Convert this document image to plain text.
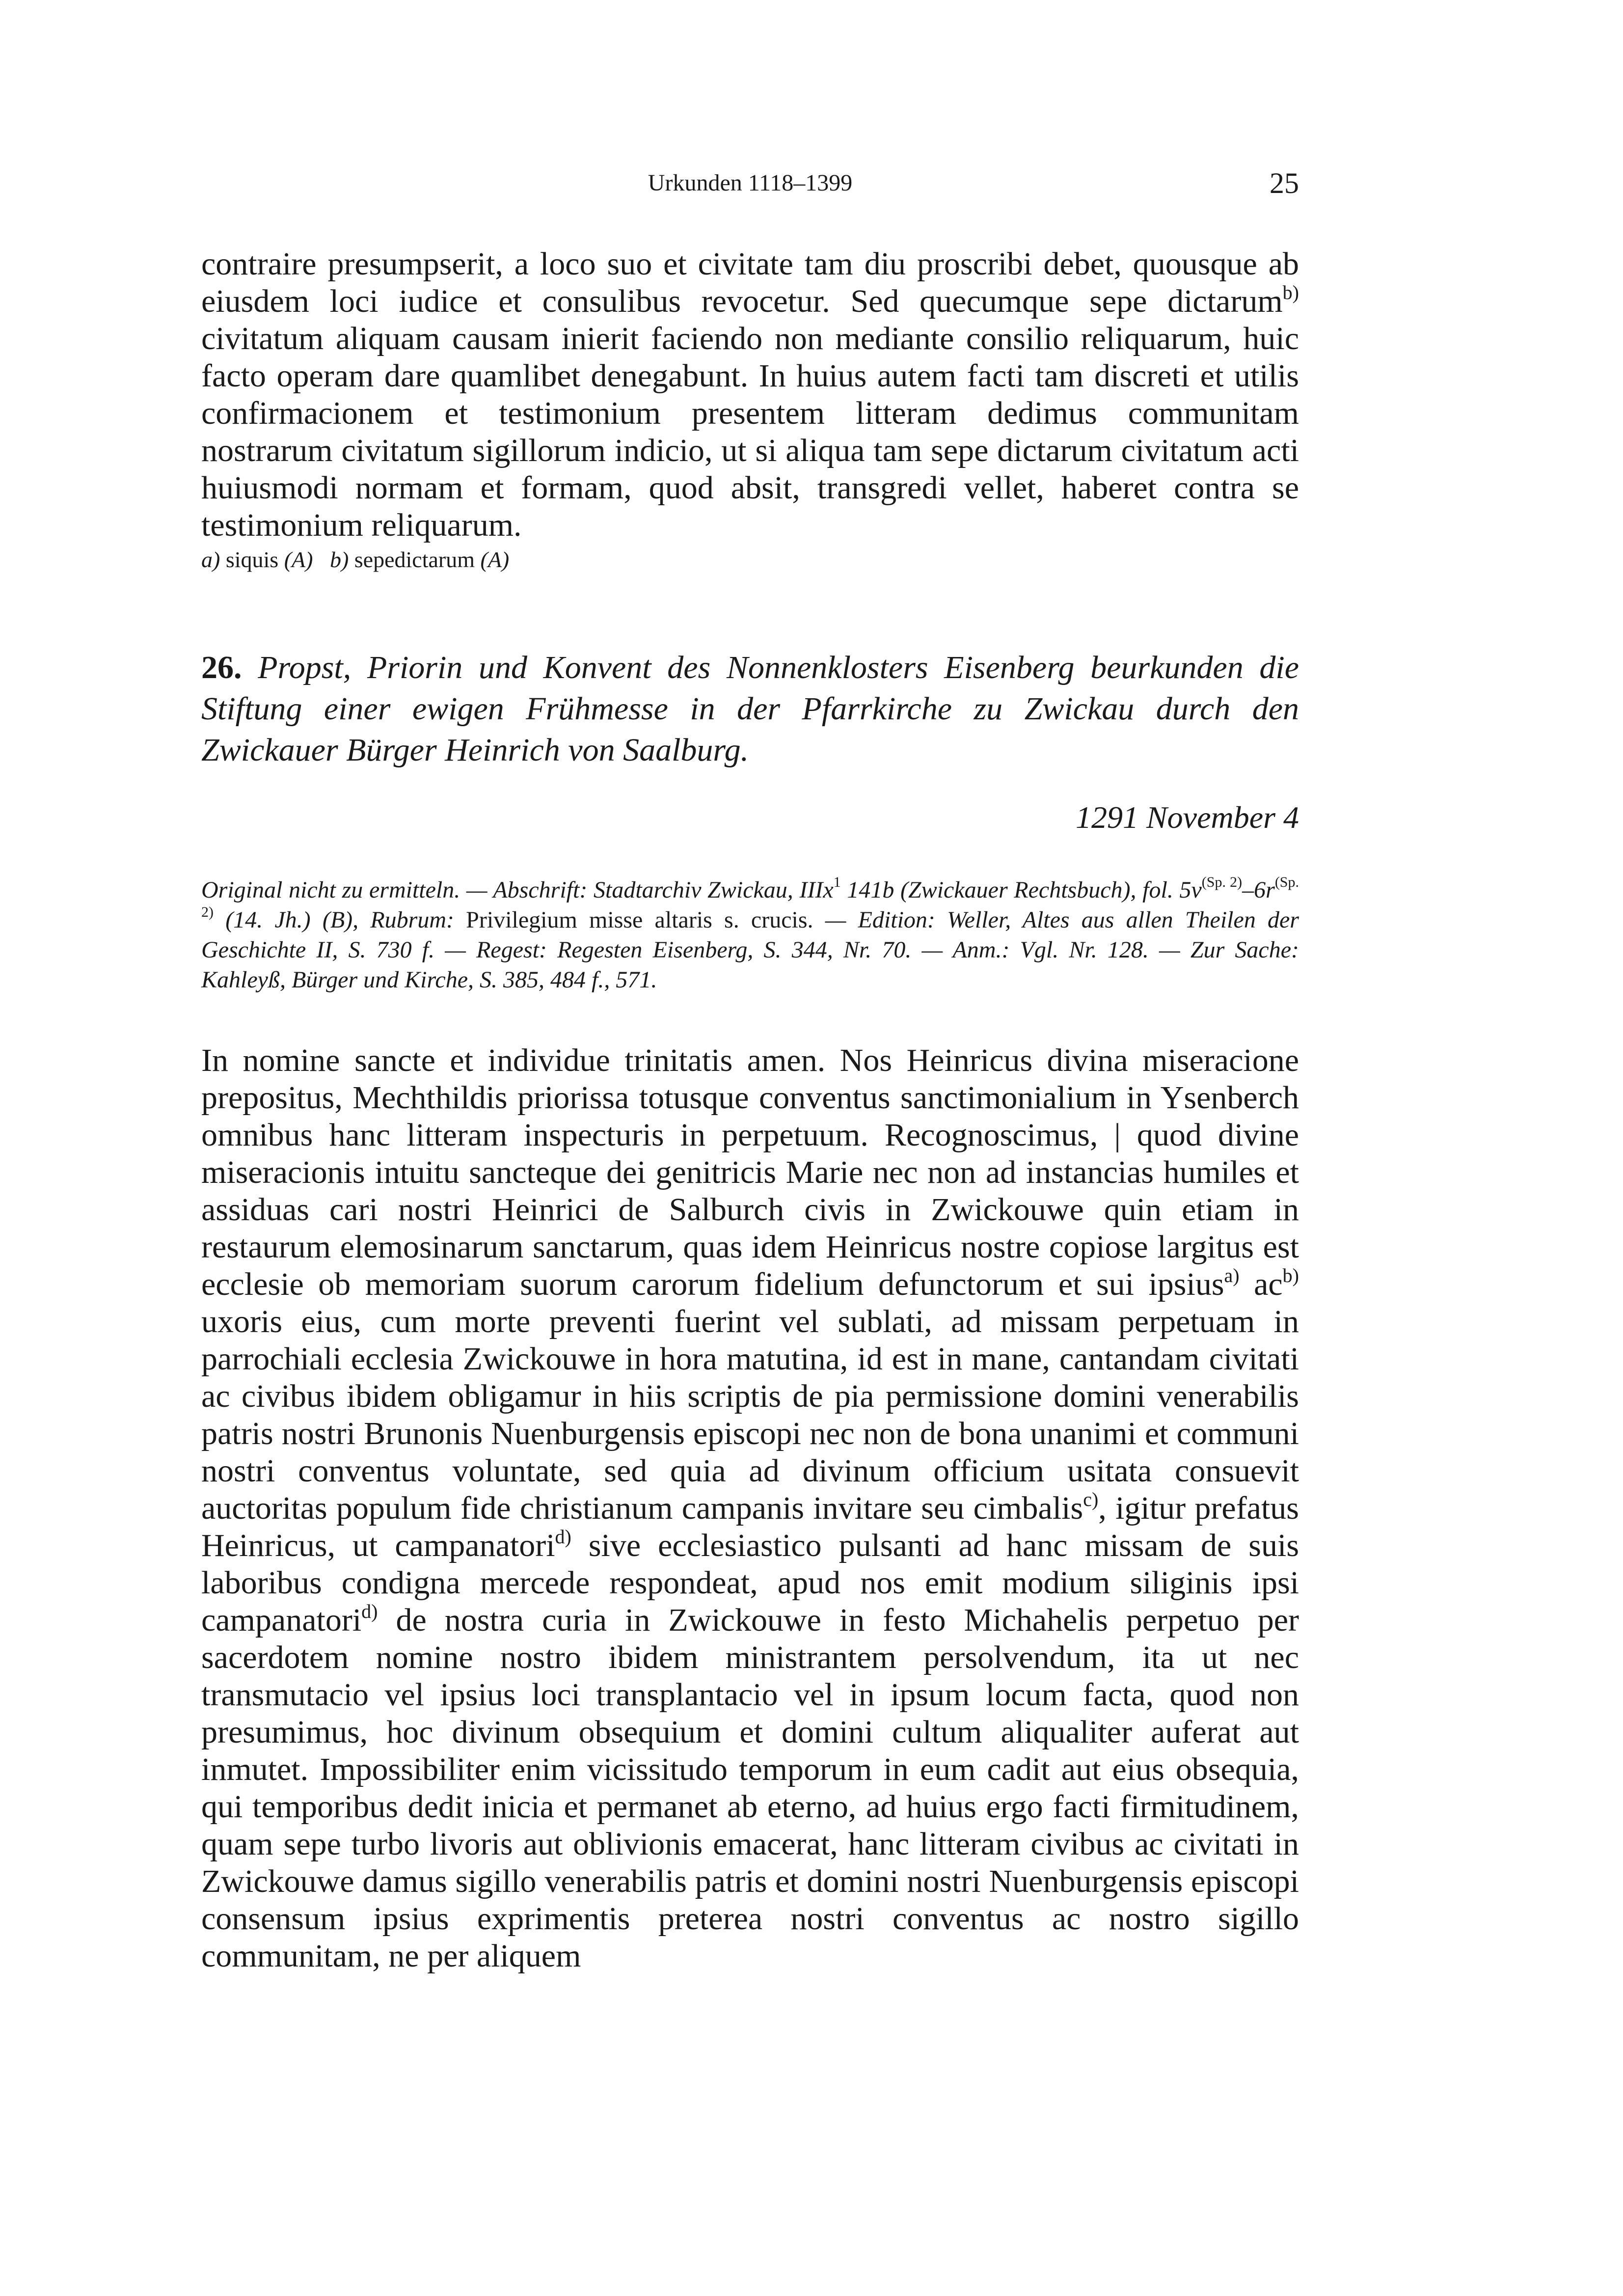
Urkunden 1118–1399	25

contraire presumpserit, a loco suo et civitate tam diu proscribi debet, quousque ab eiusdem loci iudice et consulibus revocetur. Sed quecumque sepe dictarum$^{b)}$ civitatum aliquam causam inierit faciendo non mediante consilio reliquarum, huic facto operam dare quamlibet denegabunt. In huius autem facti tam discreti et utilis confirmacionem et testimonium presentem litteram dedimus communitam nostrarum civitatum sigillorum indicio, ut si aliqua tam sepe dictarum civitatum acti huiusmodi normam et formam, quod absit, transgredi vellet, haberet contra se testimonium reliquarum.

a) siquis (A) b) sepedictarum (A)

26. Propst, Priorin und Konvent des Nonnenklosters Eisenberg beurkunden die Stiftung einer ewigen Frühmesse in der Pfarrkirche zu Zwickau durch den Zwickauer Bürger Heinrich von Saalburg.

1291 November 4

Original nicht zu ermitteln. — Abschrift: Stadtarchiv Zwickau, IIIx$^1$ 141b (Zwickauer Rechtsbuch), fol. $5v^{(Sp. 2)}-6r^{(Sp. 2)}$ (14. Jh.) (B), Rubrum: Privilegium misse altaris s. crucis. — Edition: Weller, Altes aus allen Theilen der Geschichte II, S. 730 f. — Regest: Regesten Eisenberg, S. 344, Nr. 70. — Anm.: Vgl. Nr. 128. — Zur Sache: Kahleyß, Bürger und Kirche, S. 385, 484 f., 571.

In nomine sancte et individue trinitatis amen. Nos Heinricus divina miseracione prepositus, Mechthildis priorissa totusque conventus sanctimonialium in Ysenberch omnibus hanc litteram inspecturis in perpetuum. Recognoscimus, | quod divine miseracionis intuitu sancteque dei genitricis Marie nec non ad instancias humiles et assiduas cari nostri Heinrici de Salburch civis in Zwickouwe quin etiam in restaurum elemosinarum sanctarum, quas idem Heinricus nostre copiose largitus est ecclesie ob memoriam suorum carorum fidelium defunctorum et sui ipsius$^{a)}$ $ac^{b)}$ uxoris eius, cum morte preventi fuerint vel sublati, ad missam perpetuam in parrochiali ecclesia Zwickouwe in hora matutina, id est in mane, cantandam civitati ac civibus ibidem obligamur in hiis scriptis de pia permissione domini venerabilis patris nostri Brunonis Nuenburgensis episcopi nec non de bona unanimi et communi nostri conventus voluntate, sed quia ad divinum officium usitata consuevit auctoritas populum fide christianum campanis invitare seu cimbalis$^{c)}$, igitur prefatus Heinricus, ut campanatori$^{d)}$ sive ecclesiastico pulsanti ad hanc missam de suis laboribus condigna mercede respondeat, apud nos emit modium siliginis ipsi campanatori$^{d)}$ de nostra curia in Zwickouwe in festo Michahelis perpetuo per sacerdotem nomine nostro ibidem ministrantem persolvendum, ita ut nec transmutacio vel ipsius loci transplantacio vel in ipsum locum facta, quod non presumimus, hoc divinum obsequium et domini cultum aliqualiter auferat aut inmutet. Impossibiliter enim vicissitudo temporum in eum cadit aut eius obsequia, qui temporibus dedit inicia et permanet ab eterno, ad huius ergo facti firmitudinem, quam sepe turbo livoris aut oblivionis emacerat, hanc litteram civibus ac civitati in Zwickouwe damus sigillo venerabilis patris et domini nostri Nuenburgensis episcopi consensum ipsius exprimentis preterea nostri conventus ac nostro sigillo communitam, ne per aliquem
